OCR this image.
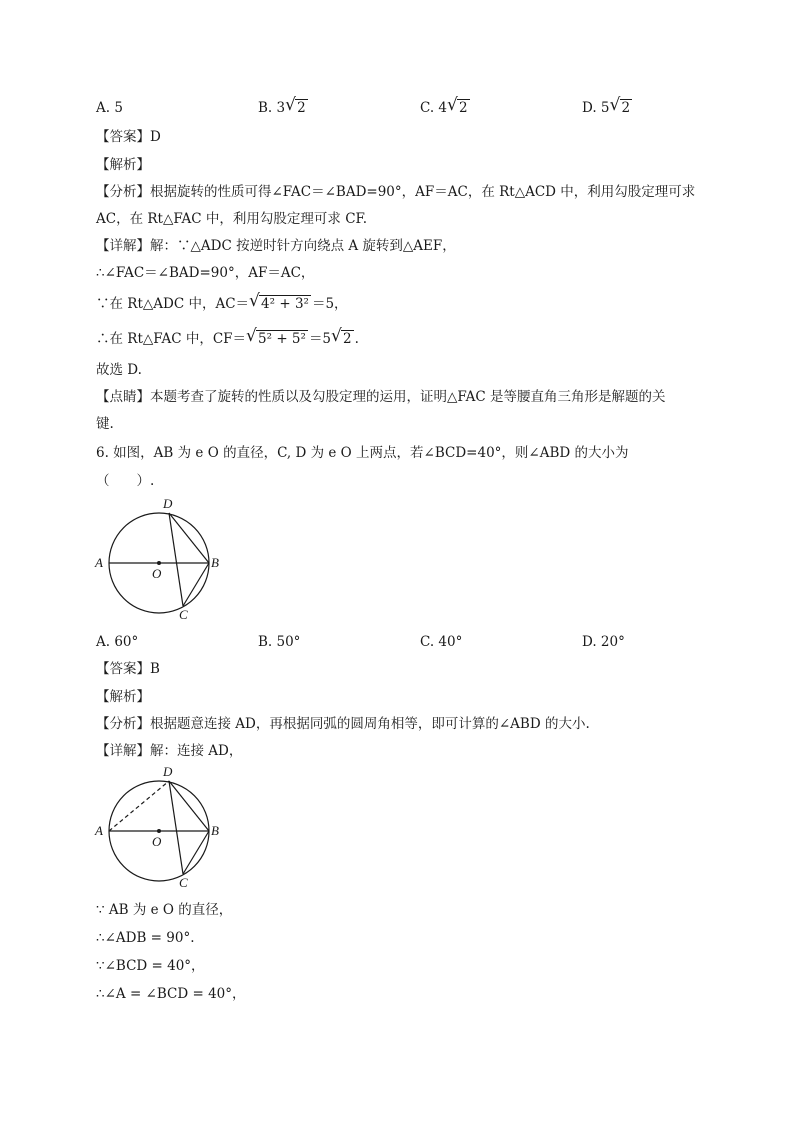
A. 5	B. 3 √ 2	C. 4 √ 2	D. 5 √ 2
【答案】D
【解析】
【分析】根据旋转的性质可得∠FAC＝∠BAD=90°，AF＝AC，在 Rt△ACD 中，利用勾股定理可求
AC，在 Rt△FAC 中，利用勾股定理可求 CF.
【详解】解：∵△ADC 按逆时针方向绕点 A 旋转到△AEF，
∴∠FAC＝∠BAD=90°，AF＝AC，
∵在 Rt△ADC 中，AC＝ √ 4² + 3² ＝5，
∴在 Rt△FAC 中，CF＝ √ 5² + 5² ＝5 √ 2 .
故选 D.
【点睛】本题考查了旋转的性质以及勾股定理的运用，证明△FAC 是等腰直角三角形是解题的关
键.
6. 如图，AB 为 e O 的直径，C, D 为 e O 上两点，若∠BCD=40°，则∠ABD 的大小为
（　　）.
A	B
C
D
O
A. 60°	B. 50°	C. 40°	D. 20°
【答案】B
【解析】
【分析】根据题意连接 AD，再根据同弧的圆周角相等，即可计算的∠ABD 的大小.
【详解】解：连接 AD，
A	B
C
D
O
∵ AB 为 e O 的直径，
∴∠ADB = 90°.
∵∠BCD = 40°，
∴∠A = ∠BCD = 40°，
